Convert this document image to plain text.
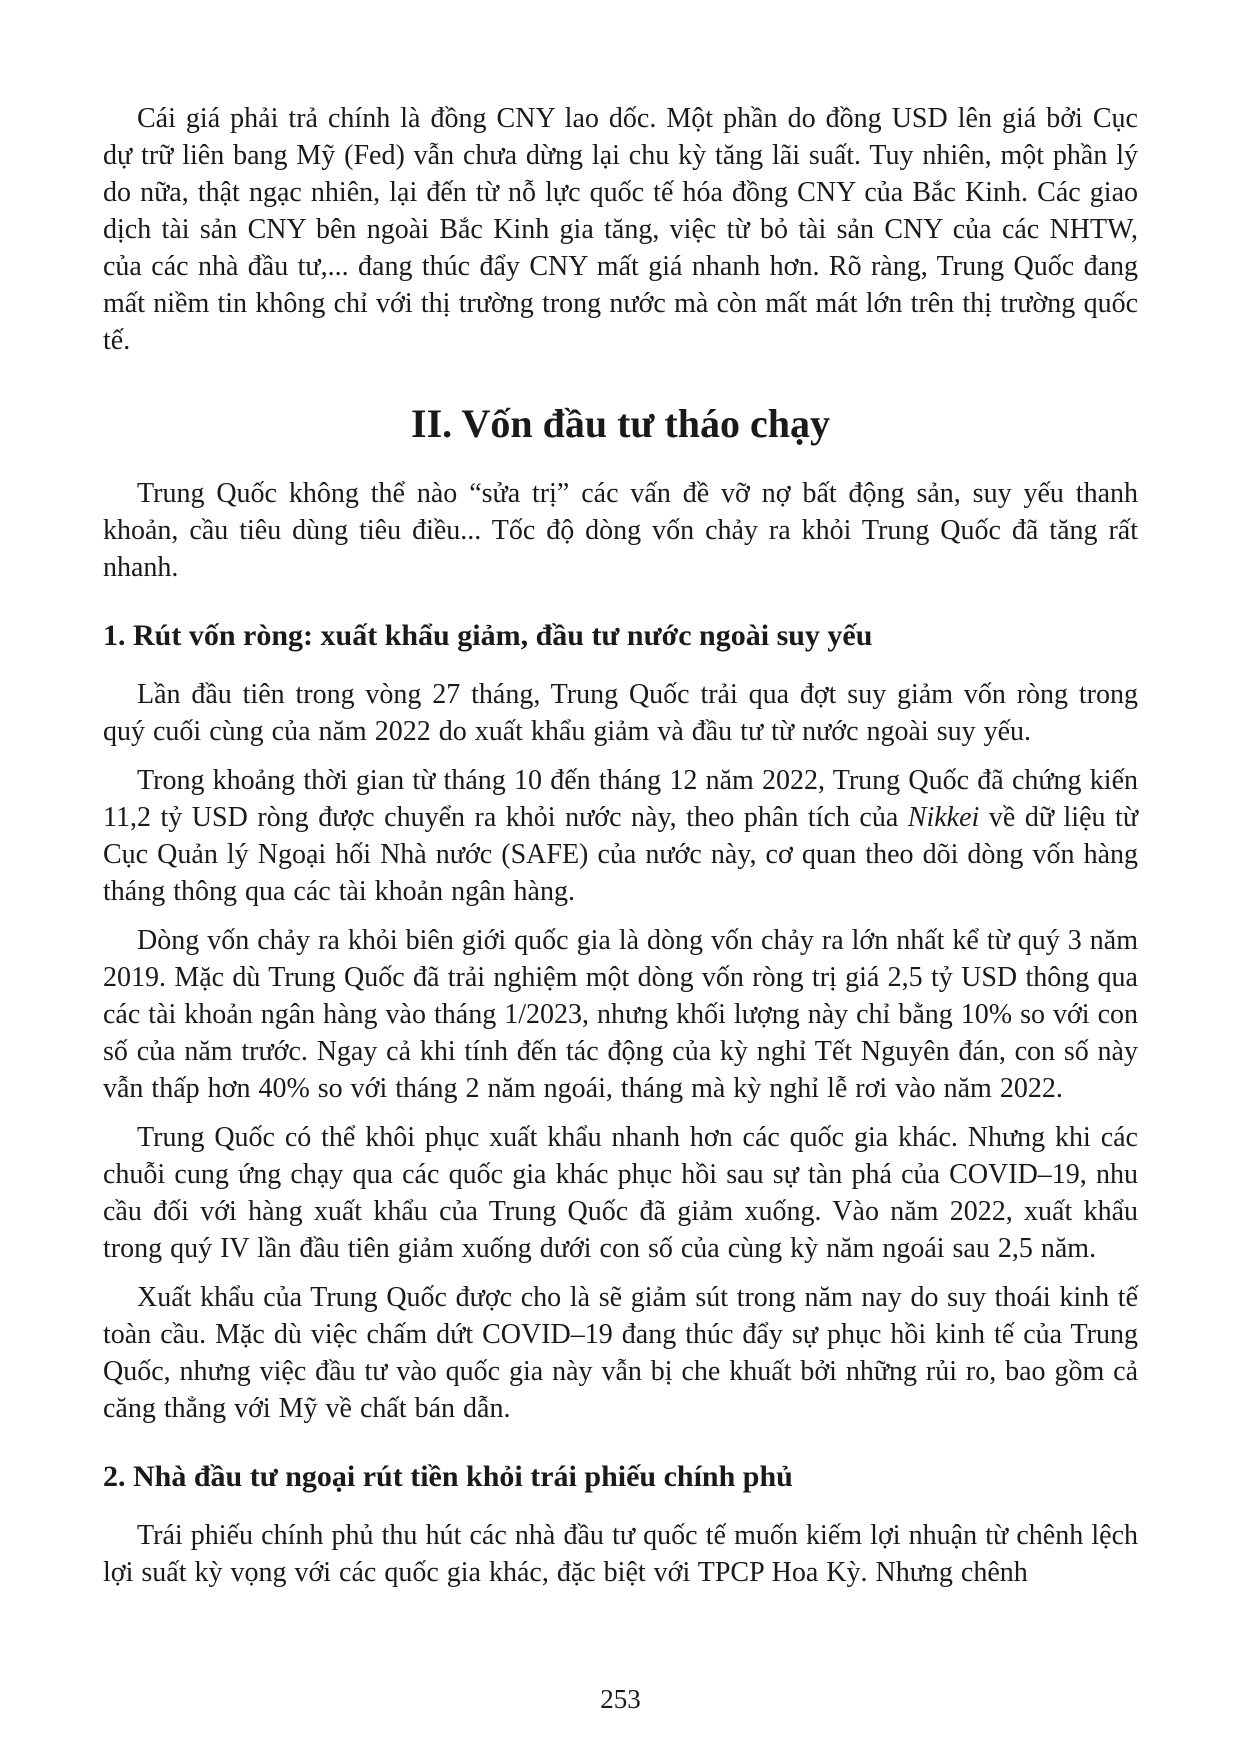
Cái giá phải trả chính là đồng CNY lao dốc. Một phần do đồng USD lên giá bởi Cục dự trữ liên bang Mỹ (Fed) vẫn chưa dừng lại chu kỳ tăng lãi suất. Tuy nhiên, một phần lý do nữa, thật ngạc nhiên, lại đến từ nỗ lực quốc tế hóa đồng CNY của Bắc Kinh. Các giao dịch tài sản CNY bên ngoài Bắc Kinh gia tăng, việc từ bỏ tài sản CNY của các NHTW, của các nhà đầu tư,... đang thúc đẩy CNY mất giá nhanh hơn. Rõ ràng, Trung Quốc đang mất niềm tin không chỉ với thị trường trong nước mà còn mất mát lớn trên thị trường quốc tế.

II. Vốn đầu tư tháo chạy

Trung Quốc không thể nào “sửa trị” các vấn đề vỡ nợ bất động sản, suy yếu thanh khoản, cầu tiêu dùng tiêu điều... Tốc độ dòng vốn chảy ra khỏi Trung Quốc đã tăng rất nhanh.

1. Rút vốn ròng: xuất khẩu giảm, đầu tư nước ngoài suy yếu

Lần đầu tiên trong vòng 27 tháng, Trung Quốc trải qua đợt suy giảm vốn ròng trong quý cuối cùng của năm 2022 do xuất khẩu giảm và đầu tư từ nước ngoài suy yếu.

Trong khoảng thời gian từ tháng 10 đến tháng 12 năm 2022, Trung Quốc đã chứng kiến 11,2 tỷ USD ròng được chuyển ra khỏi nước này, theo phân tích của Nikkei về dữ liệu từ Cục Quản lý Ngoại hối Nhà nước (SAFE) của nước này, cơ quan theo dõi dòng vốn hàng tháng thông qua các tài khoản ngân hàng.

Dòng vốn chảy ra khỏi biên giới quốc gia là dòng vốn chảy ra lớn nhất kể từ quý 3 năm 2019. Mặc dù Trung Quốc đã trải nghiệm một dòng vốn ròng trị giá 2,5 tỷ USD thông qua các tài khoản ngân hàng vào tháng 1/2023, nhưng khối lượng này chỉ bằng 10% so với con số của năm trước. Ngay cả khi tính đến tác động của kỳ nghỉ Tết Nguyên đán, con số này vẫn thấp hơn 40% so với tháng 2 năm ngoái, tháng mà kỳ nghỉ lễ rơi vào năm 2022.

Trung Quốc có thể khôi phục xuất khẩu nhanh hơn các quốc gia khác. Nhưng khi các chuỗi cung ứng chạy qua các quốc gia khác phục hồi sau sự tàn phá của COVID–19, nhu cầu đối với hàng xuất khẩu của Trung Quốc đã giảm xuống. Vào năm 2022, xuất khẩu trong quý IV lần đầu tiên giảm xuống dưới con số của cùng kỳ năm ngoái sau 2,5 năm.

Xuất khẩu của Trung Quốc được cho là sẽ giảm sút trong năm nay do suy thoái kinh tế toàn cầu. Mặc dù việc chấm dứt COVID–19 đang thúc đẩy sự phục hồi kinh tế của Trung Quốc, nhưng việc đầu tư vào quốc gia này vẫn bị che khuất bởi những rủi ro, bao gồm cả căng thẳng với Mỹ về chất bán dẫn.

2. Nhà đầu tư ngoại rút tiền khỏi trái phiếu chính phủ

Trái phiếu chính phủ thu hút các nhà đầu tư quốc tế muốn kiếm lợi nhuận từ chênh lệch lợi suất kỳ vọng với các quốc gia khác, đặc biệt với TPCP Hoa Kỳ. Nhưng chênh

253
